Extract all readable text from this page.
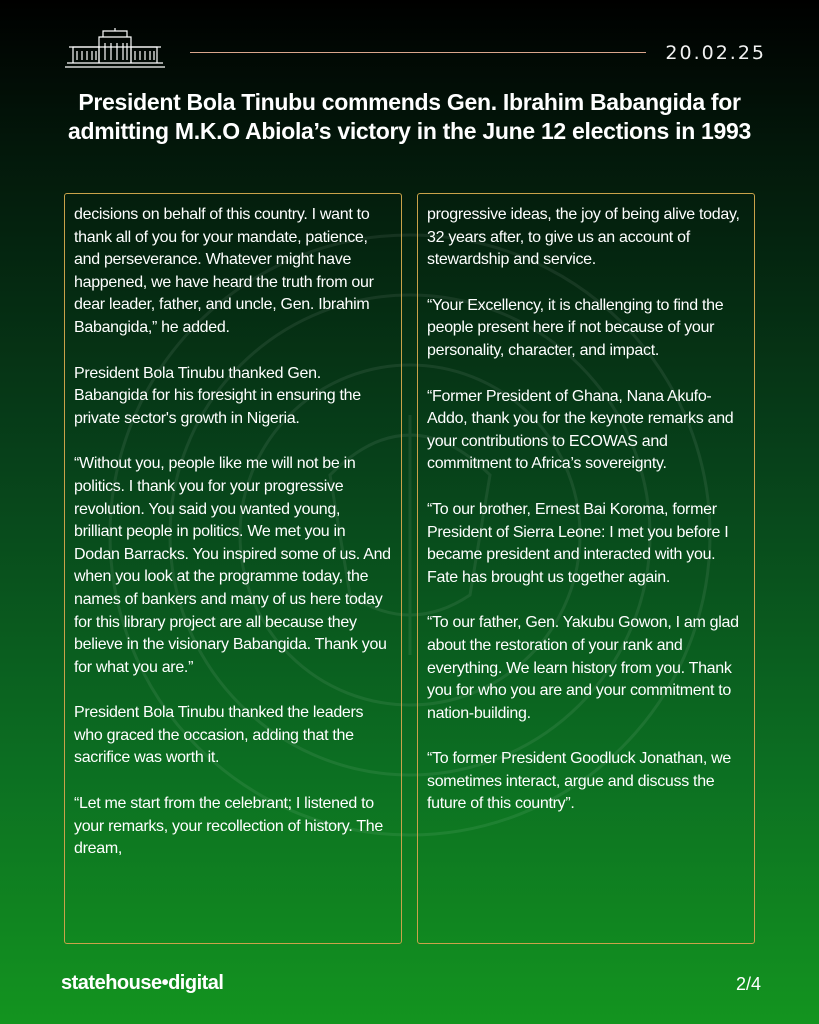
20.02.25
President Bola Tinubu commends Gen. Ibrahim Babangida for admitting M.K.O Abiola’s victory in the June 12 elections in 1993

decisions on behalf of this country. I want to thank all of you for your mandate, patience, and perseverance. Whatever might have happened, we have heard the truth from our dear leader, father, and uncle, Gen. Ibrahim Babangida,” he added.

President Bola Tinubu thanked Gen. Babangida for his foresight in ensuring the private sector's growth in Nigeria.

“Without you, people like me will not be in politics. I thank you for your progressive revolution. You said you wanted young, brilliant people in politics. We met you in Dodan Barracks. You inspired some of us. And when you look at the programme today, the names of bankers and many of us here today for this library project are all because they believe in the visionary Babangida. Thank you for what you are.”

President Bola Tinubu thanked the leaders who graced the occasion, adding that the sacrifice was worth it.

“Let me start from the celebrant; I listened to your remarks, your recollection of history. The dream,

progressive ideas, the joy of being alive today, 32 years after, to give us an account of stewardship and service.

“Your Excellency, it is challenging to find the people present here if not because of your personality, character, and impact.

“Former President of Ghana, Nana Akufo-Addo, thank you for the keynote remarks and your contributions to ECOWAS and commitment to Africa’s sovereignty.

“To our brother, Ernest Bai Koroma, former President of Sierra Leone: I met you before I became president and interacted with you. Fate has brought us together again.

“To our father, Gen. Yakubu Gowon, I am glad about the restoration of your rank and everything. We learn history from you. Thank you for who you are and your commitment to nation-building.

“To former President Goodluck Jonathan, we sometimes interact, argue and discuss the future of this country”.

statehouse•digital	2/4
